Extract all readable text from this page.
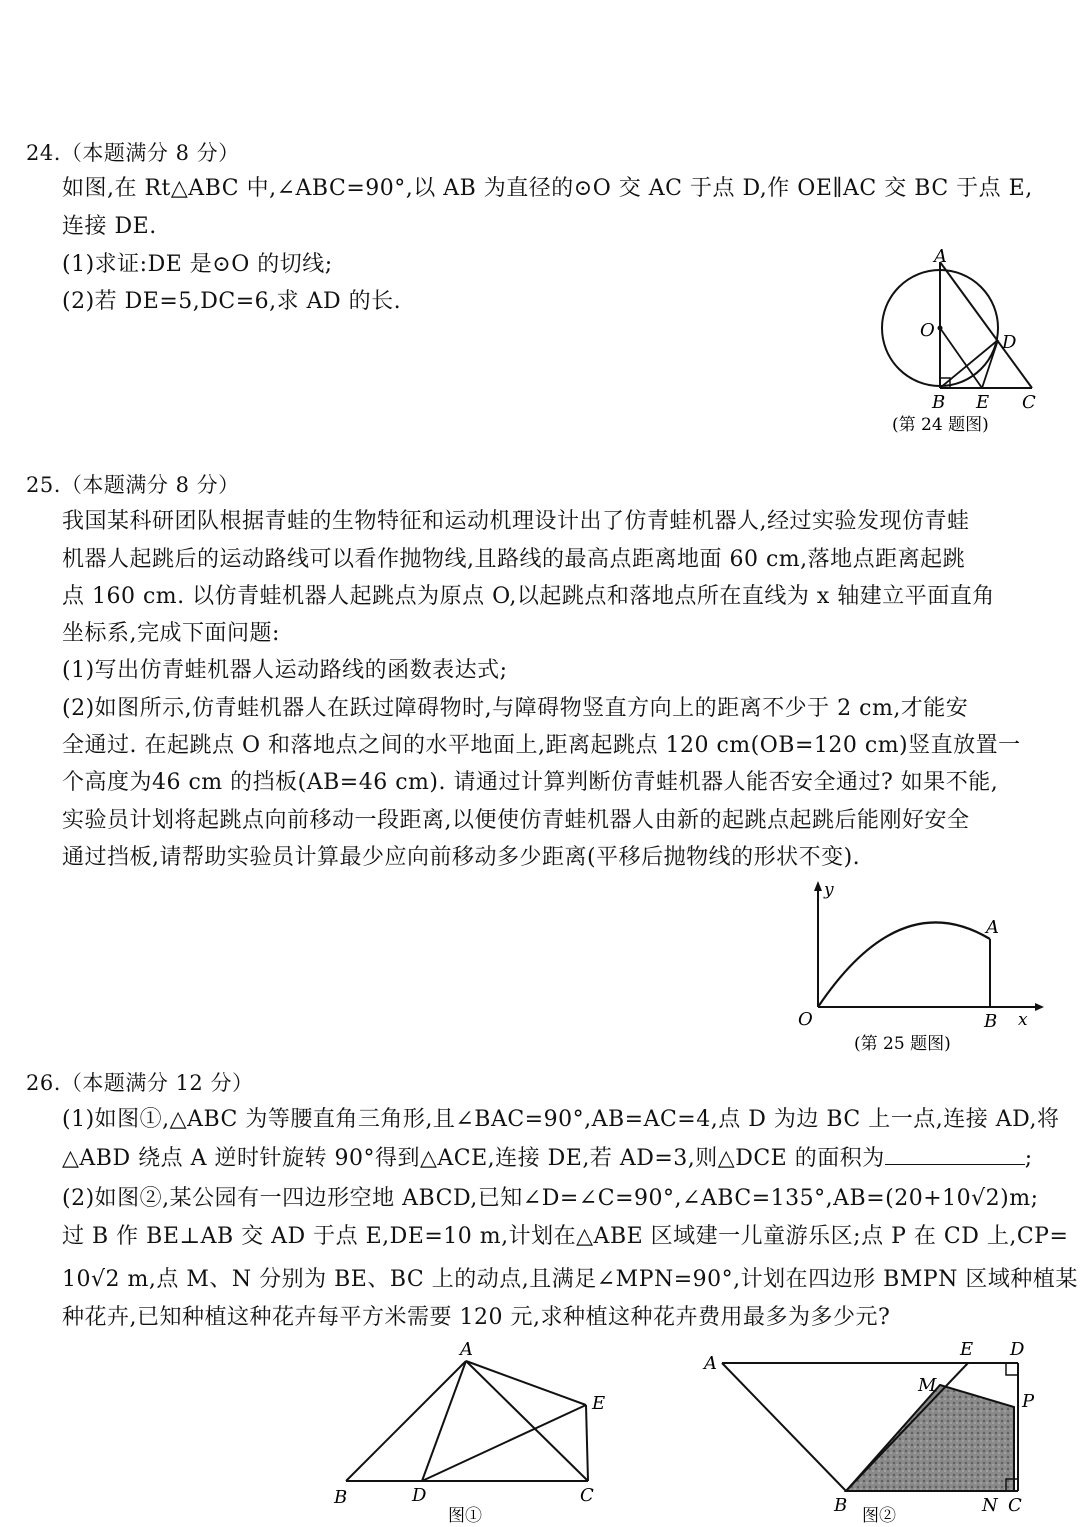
24.（本题满分 8 分）
如图,在 Rt△ABC 中,∠ABC=90°,以 AB 为直径的⊙O 交 AC 于点 D,作 OE∥AC 交 BC 于点 E,
连接 DE.
(1)求证:DE 是⊙O 的切线;
(2)若 DE=5,DC=6,求 AD 的长.
A
O
D
B E C
(第 24 题图)
25.（本题满分 8 分）
我国某科研团队根据青蛙的生物特征和运动机理设计出了仿青蛙机器人,经过实验发现仿青蛙
机器人起跳后的运动路线可以看作抛物线,且路线的最高点距离地面 60 cm,落地点距离起跳
点 160 cm. 以仿青蛙机器人起跳点为原点 O,以起跳点和落地点所在直线为 x 轴建立平面直角
坐标系,完成下面问题:
(1)写出仿青蛙机器人运动路线的函数表达式;
(2)如图所示,仿青蛙机器人在跃过障碍物时,与障碍物竖直方向上的距离不少于 2 cm,才能安
全通过. 在起跳点 O 和落地点之间的水平地面上,距离起跳点 120 cm(OB=120 cm)竖直放置一
个高度为46 cm 的挡板(AB=46 cm). 请通过计算判断仿青蛙机器人能否安全通过? 如果不能,
实验员计划将起跳点向前移动一段距离,以便使仿青蛙机器人由新的起跳点起跳后能刚好安全
通过挡板,请帮助实验员计算最少应向前移动多少距离(平移后抛物线的形状不变).
y
A
O	B x
(第 25 题图)
26.（本题满分 12 分）
(1)如图①,△ABC 为等腰直角三角形,且∠BAC=90°,AB=AC=4,点 D 为边 BC 上一点,连接 AD,将
△ABD 绕点 A 逆时针旋转 90°得到△ACE,连接 DE,若 AD=3,则△DCE 的面积为	;
(2)如图②,某公园有一四边形空地 ABCD,已知∠D=∠C=90°,∠ABC=135°,AB=(20+10√2)m;
过 B 作 BE⊥AB 交 AD 于点 E,DE=10 m,计划在△ABE 区域建一儿童游乐区;点 P 在 CD 上,CP=
10√2 m,点 M、N 分别为 BE、BC 上的动点,且满足∠MPN=90°,计划在四边形 BMPN 区域种植某
种花卉,已知种植这种花卉每平方米需要 120 元,求种植这种花卉费用最多为多少元?
A
E
B	D	C
图①
A
E D
M
P
B	N C
图②
